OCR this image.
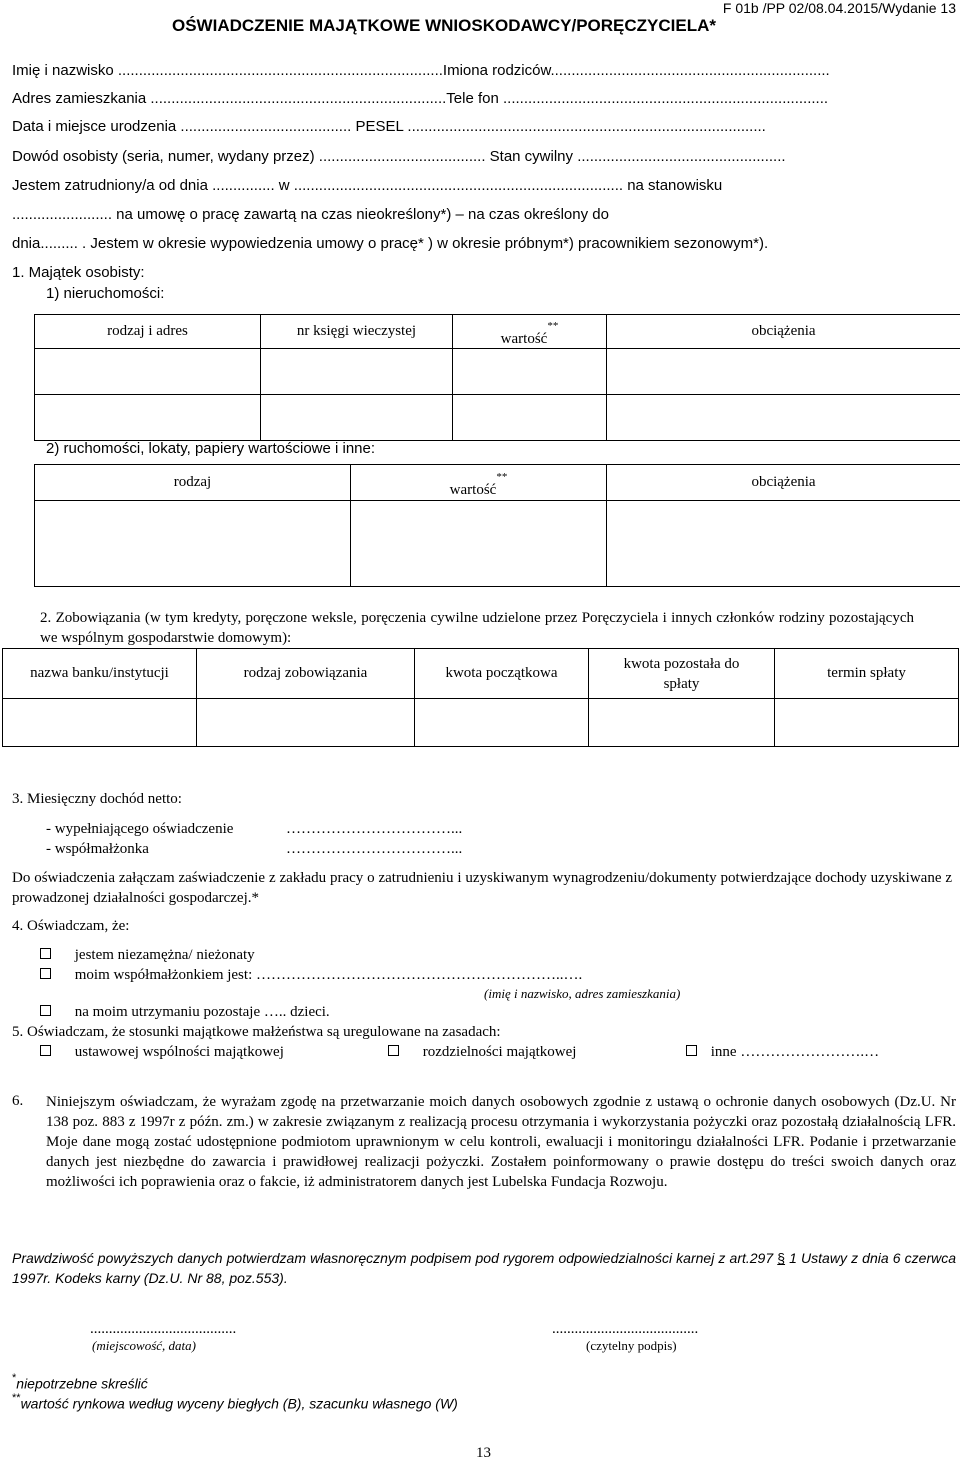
F 01b /PP 02/08.04.2015/Wydanie 13
OŚWIADCZENIE MAJĄTKOWE WNIOSKODAWCY/PORĘCZYCIELA*
Imię i nazwisko ..............................................................................Imiona rodziców...................................................................
Adres zamieszkania .......................................................................Tele fon ..............................................................................
Data i miejsce urodzenia ......................................... PESEL ......................................................................................
Dowód osobisty (seria, numer, wydany przez) ........................................ Stan cywilny ..................................................
Jestem zatrudniony/a od dnia ............... w ............................................................................... na stanowisku
........................ na umowę o pracę zawartą na czas nieokreślony*) – na czas określony do
dnia......... . Jestem w okresie wypowiedzenia umowy o pracę* ) w okresie próbnym*) pracownikiem sezonowym*).
1. Majątek osobisty:
1) nieruchomości:
rodzaj i adres	nr księgi wieczystej	wartość**	obciążenia

2) ruchomości, lokaty, papiery wartościowe i inne:
rodzaj	wartość**	obciążenia

2. Zobowiązania (w tym kredyty, poręczone weksle, poręczenia cywilne udzielone przez Poręczyciela i innych członków rodziny pozostających we wspólnym gospodarstwie domowym):
nazwa banku/instytucji	rodzaj zobowiązania	kwota początkowa	kwota pozostała do spłaty	termin spłaty

3. Miesięczny dochód netto:
- wypełniającego oświadczenie	……………………………...
- współmałżonka	……………………………...
Do oświadczenia załączam zaświadczenie z zakładu pracy o zatrudnieniu i uzyskiwanym wynagrodzeniu/dokumenty potwierdzające dochody uzyskiwane z prowadzonej działalności gospodarczej.*
4. Oświadczam, że:
jestem niezamężna/ nieżonaty
moim współmałżonkiem jest: ……………………………………………………..….
(imię i nazwisko, adres zamieszkania)
na moim utrzymaniu pozostaje ….. dzieci.
5. Oświadczam, że stosunki majątkowe małżeństwa są uregulowane na zasadach:
ustawowej wspólności majątkowej	rozdzielności majątkowej	inne …………………….…
6. Niniejszym oświadczam, że wyrażam zgodę na przetwarzanie moich danych osobowych zgodnie z ustawą o ochronie danych osobowych (Dz.U. Nr 138 poz. 883 z 1997r z późn. zm.) w zakresie związanym z realizacją procesu otrzymania i wykorzystania pożyczki oraz pozostałą działalnością LFR. Moje dane mogą zostać udostępnione podmiotom uprawnionym w celu kontroli, ewaluacji i monitoringu działalności LFR. Podanie i przetwarzanie danych jest niezbędne do zawarcia i prawidłowej realizacji pożyczki. Zostałem poinformowany o prawie dostępu do treści swoich danych oraz możliwości ich poprawienia oraz o fakcie, iż administratorem danych jest Lubelska Fundacja Rozwoju.
Prawdziwość powyższych danych potwierdzam własnoręcznym podpisem pod rygorem odpowiedzialności karnej z art.297 § 1 Ustawy z dnia 6 czerwca 1997r. Kodeks karny (Dz.U. Nr 88, poz.553).
.......................................
(miejscowość, data)
.......................................
(czytelny podpis)
*niepotrzebne skreślić
**wartość rynkowa według wyceny biegłych (B), szacunku własnego (W)
13
